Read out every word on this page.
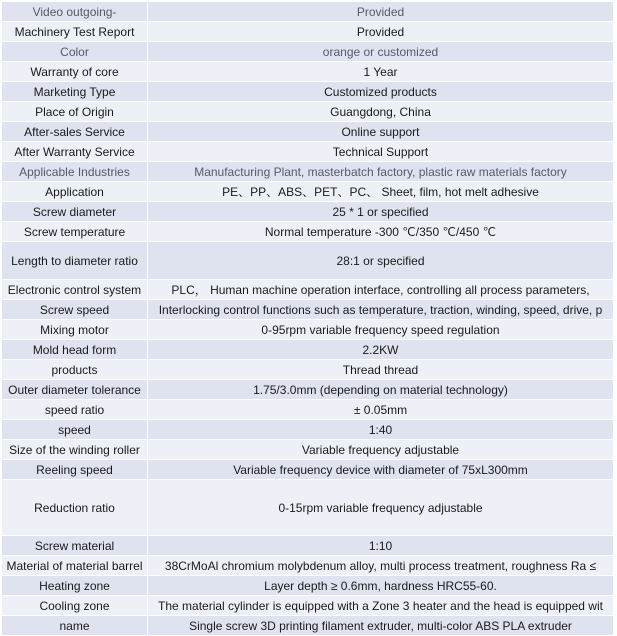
Video outgoing-	Provided
Machinery Test Report	Provided
Color	orange or customized
Warranty of core	1 Year
Marketing Type	Customized products
Place of Origin	Guangdong, China
After-sales Service	Online support
After Warranty Service	Technical Support
Applicable Industries	Manufacturing Plant, masterbatch factory, plastic raw materials factory
Application	PE、PP、ABS、PET、PC、 Sheet, film, hot melt adhesive
Screw diameter	25 * 1 or specified
Screw temperature	Normal temperature -300 ℃/350 ℃/450 ℃
Length to diameter ratio	28:1 or specified
Electronic control system	PLC， Human machine operation interface, controlling all process parameters,
Screw speed	Interlocking control functions such as temperature, traction, winding, speed, drive, p
Mixing motor	0-95rpm variable frequency speed regulation
Mold head form	2.2KW
products	Thread thread
Outer diameter tolerance	1.75/3.0mm (depending on material technology)
speed ratio	± 0.05mm
speed	1:40
Size of the winding roller	Variable frequency adjustable
Reeling speed	Variable frequency device with diameter of 75xL300mm
Reduction ratio	0-15rpm variable frequency adjustable
Screw material	1:10
Material of material barrel	38CrMoAl chromium molybdenum alloy, multi process treatment, roughness Ra ≤
Heating zone	Layer depth ≥ 0.6mm, hardness HRC55-60.
Cooling zone	The material cylinder is equipped with a Zone 3 heater and the head is equipped wit
name	Single screw 3D printing filament extruder, multi-color ABS PLA extruder
